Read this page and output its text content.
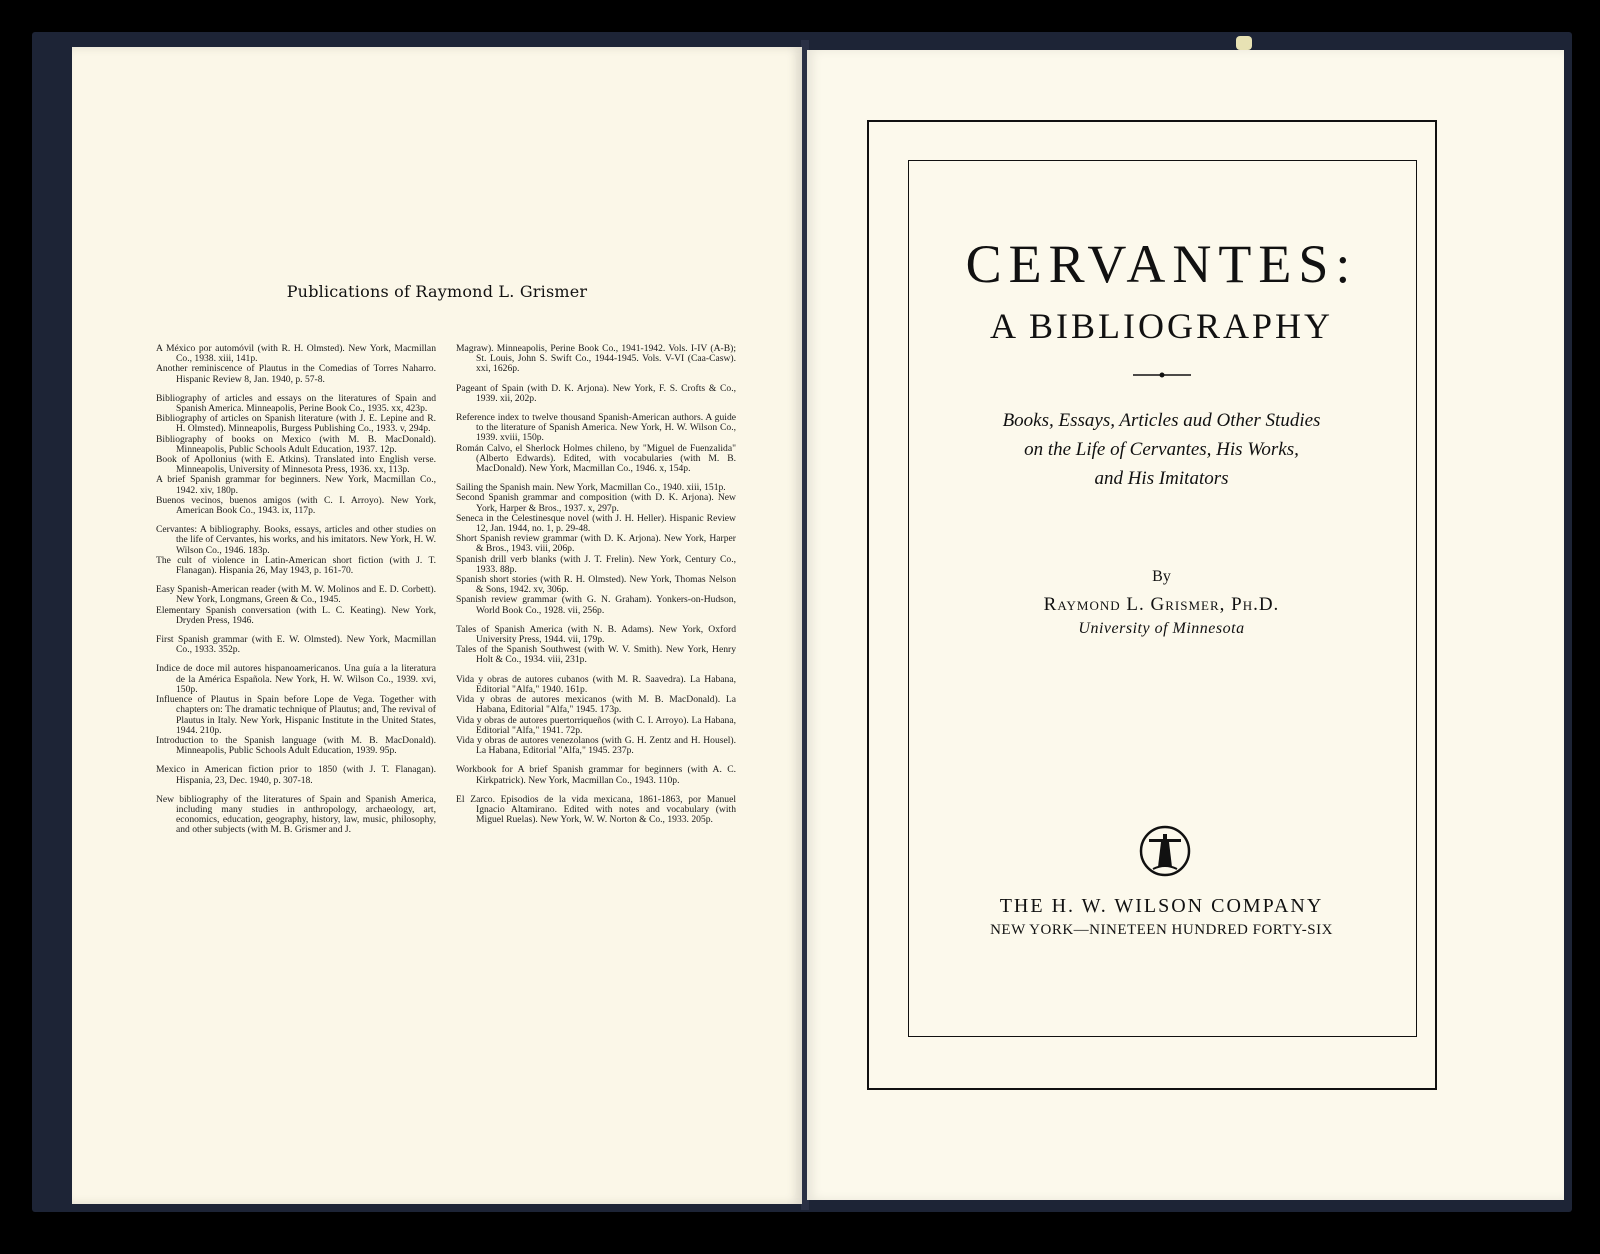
Publications of Raymond L. Grismer
A México por automóvil (with R. H. Olmsted). New York, Macmillan Co., 1938. xiii, 141p.
Another reminiscence of Plautus in the Comedias of Torres Naharro. Hispanic Review 8, Jan. 1940, p. 57-8.
Bibliography of articles and essays on the literatures of Spain and Spanish America. Minneapolis, Perine Book Co., 1935. xx, 423p.
Bibliography of articles on Spanish literature (with J. E. Lepine and R. H. Olmsted). Minneapolis, Burgess Publishing Co., 1933. v, 294p.
Bibliography of books on Mexico (with M. B. MacDonald). Minneapolis, Public Schools Adult Education, 1937. 12p.
Book of Apollonius (with E. Atkins). Translated into English verse. Minneapolis, University of Minnesota Press, 1936. xx, 113p.
A brief Spanish grammar for beginners. New York, Macmillan Co., 1942. xiv, 180p.
Buenos vecinos, buenos amigos (with C. I. Arroyo). New York, American Book Co., 1943. ix, 117p.
Cervantes: A bibliography. Books, essays, articles and other studies on the life of Cervantes, his works, and his imitators. New York, H. W. Wilson Co., 1946. 183p.
The cult of violence in Latin-American short fiction (with J. T. Flanagan). Hispania 26, May 1943, p. 161-70.
Easy Spanish-American reader (with M. W. Molinos and E. D. Corbett). New York, Longmans, Green & Co., 1945.
Elementary Spanish conversation (with L. C. Keating). New York, Dryden Press, 1946.
First Spanish grammar (with E. W. Olmsted). New York, Macmillan Co., 1933. 352p.
Indice de doce mil autores hispanoamericanos. Una guía a la literatura de la América Española. New York, H. W. Wilson Co., 1939. xvi, 150p.
Influence of Plautus in Spain before Lope de Vega. Together with chapters on: The dramatic technique of Plautus; and, The revival of Plautus in Italy. New York, Hispanic Institute in the United States, 1944. 210p.
Introduction to the Spanish language (with M. B. MacDonald). Minneapolis, Public Schools Adult Education, 1939. 95p.
Mexico in American fiction prior to 1850 (with J. T. Flanagan). Hispania, 23, Dec. 1940, p. 307-18.
New bibliography of the literatures of Spain and Spanish America, including many studies in anthropology, archaeology, art, economics, education, geography, history, law, music, philosophy, and other subjects (with M. B. Grismer and J.
Magraw). Minneapolis, Perine Book Co., 1941-1942. Vols. I-IV (A-B); St. Louis, John S. Swift Co., 1944-1945. Vols. V-VI (Caa-Casw). xxi, 1626p.
Pageant of Spain (with D. K. Arjona). New York, F. S. Crofts & Co., 1939. xii, 202p.
Reference index to twelve thousand Spanish-American authors. A guide to the literature of Spanish America. New York, H. W. Wilson Co., 1939. xviii, 150p.
Román Calvo, el Sherlock Holmes chileno, by "Miguel de Fuenzalida" (Alberto Edwards). Edited, with vocabularies (with M. B. MacDonald). New York, Macmillan Co., 1946. x, 154p.
Sailing the Spanish main. New York, Macmillan Co., 1940. xiii, 151p.
Second Spanish grammar and composition (with D. K. Arjona). New York, Harper & Bros., 1937. x, 297p.
Seneca in the Celestinesque novel (with J. H. Heller). Hispanic Review 12, Jan. 1944, no. 1, p. 29-48.
Short Spanish review grammar (with D. K. Arjona). New York, Harper & Bros., 1943. viii, 206p.
Spanish drill verb blanks (with J. T. Frelin). New York, Century Co., 1933. 88p.
Spanish short stories (with R. H. Olmsted). New York, Thomas Nelson & Sons, 1942. xv, 306p.
Spanish review grammar (with G. N. Graham). Yonkers-on-Hudson, World Book Co., 1928. vii, 256p.
Tales of Spanish America (with N. B. Adams). New York, Oxford University Press, 1944. vii, 179p.
Tales of the Spanish Southwest (with W. V. Smith). New York, Henry Holt & Co., 1934. viii, 231p.
Vida y obras de autores cubanos (with M. R. Saavedra). La Habana, Editorial "Alfa," 1940. 161p.
Vida y obras de autores mexicanos (with M. B. MacDonald). La Habana, Editorial "Alfa," 1945. 173p.
Vida y obras de autores puertorriqueños (with C. I. Arroyo). La Habana, Editorial "Alfa," 1941. 72p.
Vida y obras de autores venezolanos (with G. H. Zentz and H. Housel). La Habana, Editorial "Alfa," 1945. 237p.
Workbook for A brief Spanish grammar for beginners (with A. C. Kirkpatrick). New York, Macmillan Co., 1943. 110p.
El Zarco. Episodios de la vida mexicana, 1861-1863, por Manuel Ignacio Altamirano. Edited with notes and vocabulary (with Miguel Ruelas). New York, W. W. Norton & Co., 1933. 205p.
CERVANTES:
A BIBLIOGRAPHY
Books, Essays, Articles aud Other Studies
on the Life of Cervantes, His Works,
and His Imitators
By
Raymond L. Grismer, Ph.D.
University of Minnesota
THE H. W. WILSON COMPANY
NEW YORK—NINETEEN HUNDRED FORTY-SIX
